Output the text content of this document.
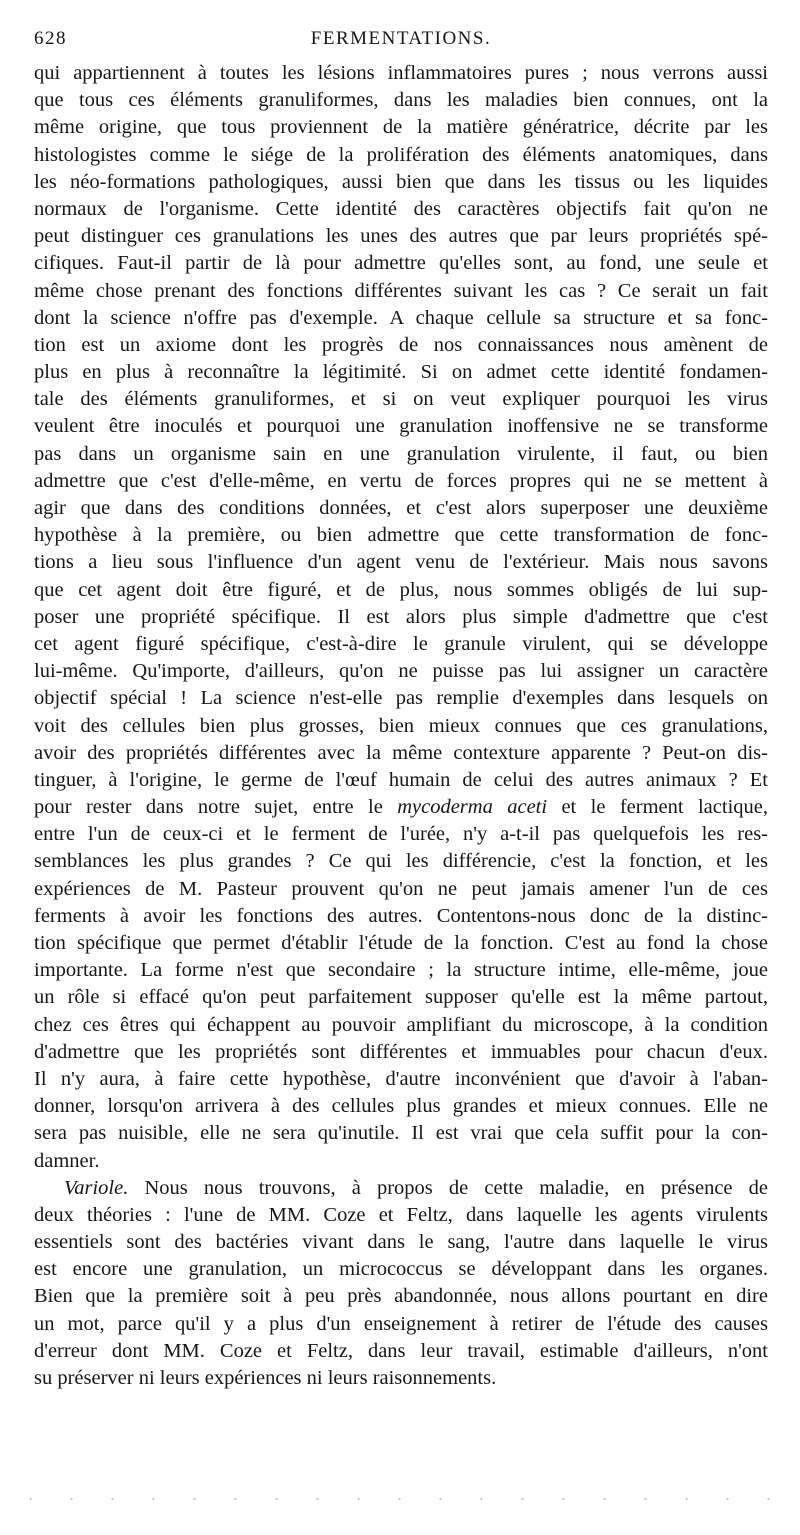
628	FERMENTATIONS.
qui appartiennent à toutes les lésions inflammatoires pures ; nous verrons aussi
que tous ces éléments granuliformes, dans les maladies bien connues, ont la
même origine, que tous proviennent de la matière génératrice, décrite par les
histologistes comme le siége de la prolifération des éléments anatomiques, dans
les néo-formations pathologiques, aussi bien que dans les tissus ou les liquides
normaux de l'organisme. Cette identité des caractères objectifs fait qu'on ne
peut distinguer ces granulations les unes des autres que par leurs propriétés spé-
cifiques. Faut-il partir de là pour admettre qu'elles sont, au fond, une seule et
même chose prenant des fonctions différentes suivant les cas ? Ce serait un fait
dont la science n'offre pas d'exemple. A chaque cellule sa structure et sa fonc-
tion est un axiome dont les progrès de nos connaissances nous amènent de
plus en plus à reconnaître la légitimité. Si on admet cette identité fondamen-
tale des éléments granuliformes, et si on veut expliquer pourquoi les virus
veulent être inoculés et pourquoi une granulation inoffensive ne se transforme
pas dans un organisme sain en une granulation virulente, il faut, ou bien
admettre que c'est d'elle-même, en vertu de forces propres qui ne se mettent à
agir que dans des conditions données, et c'est alors superposer une deuxième
hypothèse à la première, ou bien admettre que cette transformation de fonc-
tions a lieu sous l'influence d'un agent venu de l'extérieur. Mais nous savons
que cet agent doit être figuré, et de plus, nous sommes obligés de lui sup-
poser une propriété spécifique. Il est alors plus simple d'admettre que c'est
cet agent figuré spécifique, c'est-à-dire le granule virulent, qui se développe
lui-même. Qu'importe, d'ailleurs, qu'on ne puisse pas lui assigner un caractère
objectif spécial ! La science n'est-elle pas remplie d'exemples dans lesquels on
voit des cellules bien plus grosses, bien mieux connues que ces granulations,
avoir des propriétés différentes avec la même contexture apparente ? Peut-on dis-
tinguer, à l'origine, le germe de l'œuf humain de celui des autres animaux ? Et
pour rester dans notre sujet, entre le mycoderma aceti et le ferment lactique,
entre l'un de ceux-ci et le ferment de l'urée, n'y a-t-il pas quelquefois les res-
semblances les plus grandes ? Ce qui les différencie, c'est la fonction, et les
expériences de M. Pasteur prouvent qu'on ne peut jamais amener l'un de ces
ferments à avoir les fonctions des autres. Contentons-nous donc de la distinc-
tion spécifique que permet d'établir l'étude de la fonction. C'est au fond la chose
importante. La forme n'est que secondaire ; la structure intime, elle-même, joue
un rôle si effacé qu'on peut parfaitement supposer qu'elle est la même partout,
chez ces êtres qui échappent au pouvoir amplifiant du microscope, à la condition
d'admettre que les propriétés sont différentes et immuables pour chacun d'eux.
Il n'y aura, à faire cette hypothèse, d'autre inconvénient que d'avoir à l'aban-
donner, lorsqu'on arrivera à des cellules plus grandes et mieux connues. Elle ne
sera pas nuisible, elle ne sera qu'inutile. Il est vrai que cela suffit pour la con-
damner.
Variole. Nous nous trouvons, à propos de cette maladie, en présence de
deux théories : l'une de MM. Coze et Feltz, dans laquelle les agents virulents
essentiels sont des bactéries vivant dans le sang, l'autre dans laquelle le virus
est encore une granulation, un micrococcus se développant dans les organes.
Bien que la première soit à peu près abandonnée, nous allons pourtant en dire
un mot, parce qu'il y a plus d'un enseignement à retirer de l'étude des causes
d'erreur dont MM. Coze et Feltz, dans leur travail, estimable d'ailleurs, n'ont
su préserver ni leurs expériences ni leurs raisonnements.
